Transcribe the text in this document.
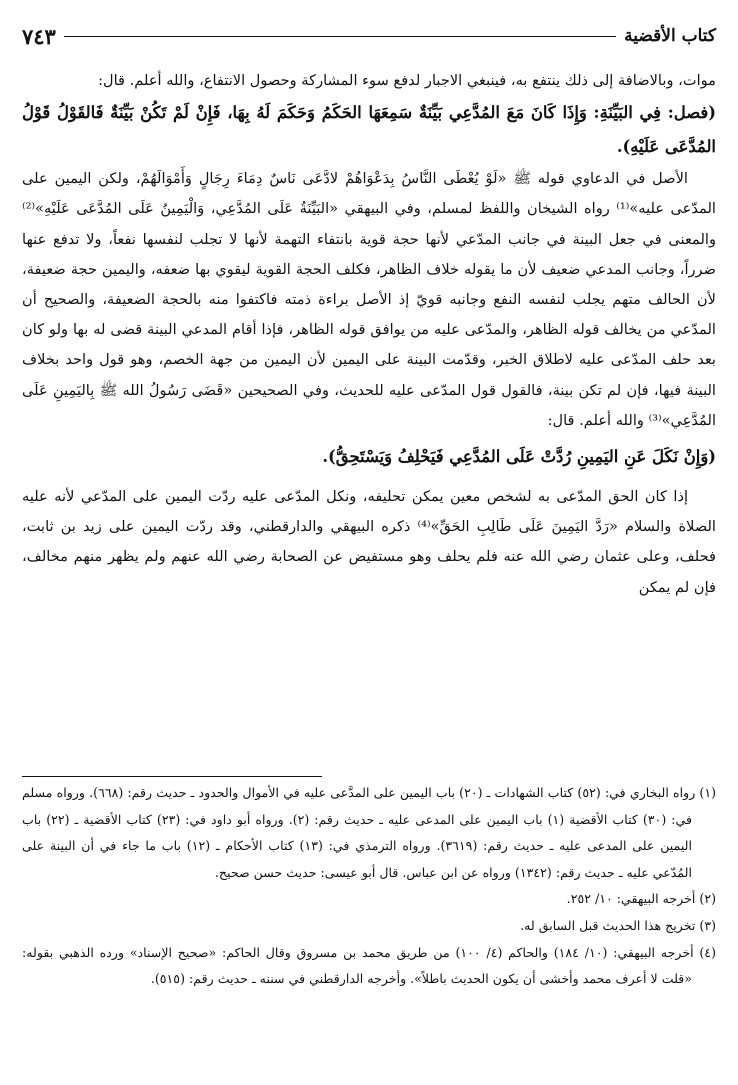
كتاب الأقضية
٧٤٣

موات، وبالاضافة إلى ذلك ينتفع به، فينبغي الاجبار لدفع سوء المشاركة وحصول الانتفاع، والله أعلم. قال:

(فصل: فِي البَيِّنَةِ: وَإِذَا كَانَ مَعَ المُدَّعِي بَيِّنَةٌ سَمِعَهَا الحَكَمُ وَحَكَمَ لَهُ بِهَا، فَإِنْ لَمْ تَكُنْ بَيِّنَةٌ فَالقَوْلُ قَوْلُ المُدَّعَى عَلَيْهِ).

الأصل في الدعاوي قوله ﷺ «لَوْ يُعْطَى النَّاسُ بِدَعْوَاهُمْ لادَّعَى نَاسٌ دِمَاءَ رِجَالٍ وَأَمْوَالَهُمْ، ولكن اليمين على المدّعى عليه»⁽¹⁾ رواه الشيخان واللفظ لمسلم، وفي البيهقي «البَيِّنَةُ عَلَى المُدَّعِي، وَالْيَمِينُ عَلَى المُدَّعَى عَلَيْهِ»⁽²⁾ والمعنى في جعل البينة في جانب المدّعي لأنها حجة قوية بانتفاء التهمة لأنها لا تجلب لنفسها نفعاً، ولا تدفع عنها ضرراً، وجانب المدعي ضعيف لأن ما يقوله خلاف الظاهر، فكلف الحجة القوية ليقوي بها ضعفه، واليمين حجة ضعيفة، لأن الحالف متهم يجلب لنفسه النفع وجانبه قويّ إذ الأصل براءة ذمته فاكتفوا منه بالحجة الضعيفة، والصحيح أن المدّعي من يخالف قوله الظاهر، والمدّعى عليه من يوافق قوله الظاهر، فإذا أقام المدعي البينة قضى له بها ولو كان بعد حلف المدّعى عليه لاطلاق الخبر، وقدّمت البينة على اليمين لأن اليمين من جهة الخصم، وهو قول واحد بخلاف البينة فيها، فإن لم تكن بينة، فالقول قول المدّعى عليه للحديث، وفي الصحيحين «قَضَى رَسُولُ الله ﷺ بِاليَمِينِ عَلَى المُدَّعِي»⁽³⁾ والله أعلم. قال:

(وَإِنْ نَكَلَ عَنِ اليَمِينِ رُدَّتْ عَلَى المُدَّعِي فَيَحْلِفُ وَيَسْتَحِقُّ).

إذا كان الحق المدّعى به لشخص معين يمكن تحليفه، ونكل المدّعى عليه ردّت اليمين على المدّعي لأنه عليه الصلاة والسلام «رَدَّ اليَمِينَ عَلَى طَالِبِ الحَقِّ»⁽⁴⁾ ذكره البيهقي والدارقطني، وقد ردّت اليمين على زيد بن ثابت، فحلف، وعلى عثمان رضي الله عنه فلم يحلف وهو مستفيض عن الصحابة رضي الله عنهم ولم يظهر منهم مخالف، فإن لم يمكن

(١) رواه البخاري في: (٥٢) كتاب الشهادات ـ (٢٠) باب اليمين على المدَّعى عليه في الأموال والحدود ـ حديث رقم: (٦٦٨). ورواه مسلم في: (٣٠) كتاب الأقضية (١) باب اليمين على المدعى عليه ـ حديث رقم: (٢). ورواه أبو داود في: (٢٣) كتاب الأقضية ـ (٢٢) باب اليمين على المدعى عليه ـ حديث رقم: (٣٦١٩). ورواه الترمذي في: (١٣) كتاب الأحكام ـ (١٢) باب ما جاء في أن البينة على المُدّعي عليه ـ حديث رقم: (١٣٤٢) ورواه عن ابن عباس. قال أبو عيسى: حديث حسن صحيح.

(٢) أخرجه البيهقي: ١٠/ ٢٥٢.

(٣) تخريج هذا الحديث قبل السابق له.

(٤) أخرجه البيهقي: (١٠/ ١٨٤) والحاكم (٤/ ١٠٠) من طريق محمد بن مسروق وقال الحاكم: «صحيح الإسناد» ورده الذهبي بقوله: «قلت لا أعرف محمد وأخشى أن يكون الحديث باطلاً». وأخرجه الدارقطني في سننه ـ حديث رقم: (٥١٥).
